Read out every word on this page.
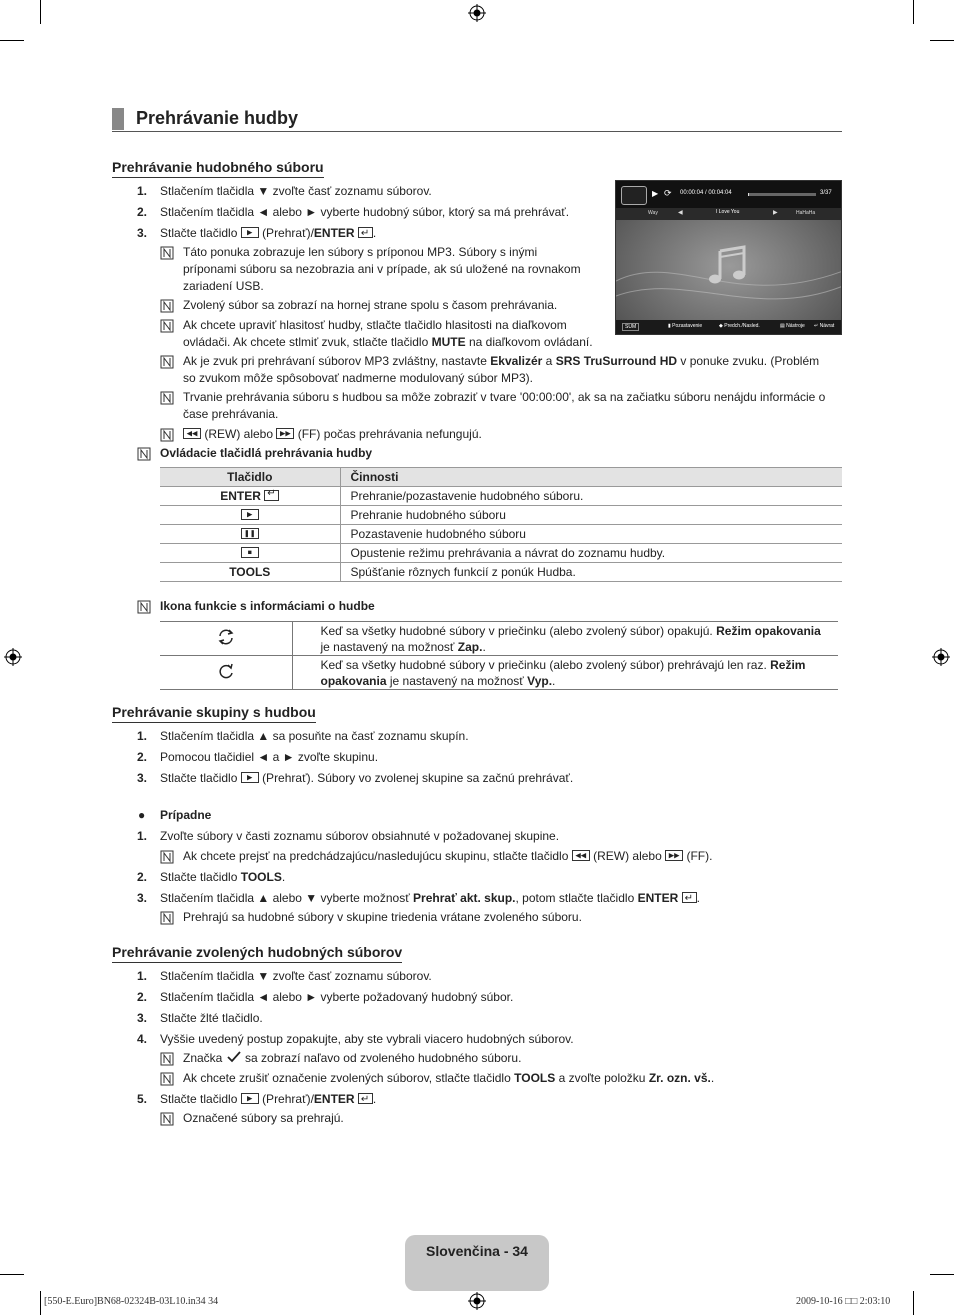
Prehrávanie hudby
Prehrávanie hudobného súboru
1. Stlačením tlačidla ▼ zvoľte časť zoznamu súborov.
2. Stlačením tlačidla ◄ alebo ► vyberte hudobný súbor, ktorý sa má prehrávať.
3. Stlačte tlačidlo ▶ (Prehrať)/ENTER ↵ .
Táto ponuka zobrazuje len súbory s príponou MP3. Súbory s inými
príponami súboru sa nezobrazia ani v prípade, ak sú uložené na rovnakom
zariadení USB.
Zvolený súbor sa zobrazí na hornej strane spolu s časom prehrávania.
Ak chcete upraviť hlasitosť hudby, stlačte tlačidlo hlasitosti na diaľkovom
ovládači. Ak chcete stlmiť zvuk, stlačte tlačidlo MUTE na diaľkovom ovládaní.
Ak je zvuk pri prehrávaní súborov MP3 zvláštny, nastavte Ekvalizér a SRS TruSurround HD v ponuke zvuku. (Problém
so zvukom môže spôsobovať nadmerne modulovaný súbor MP3).
Trvanie prehrávania súboru s hudbou sa môže zobraziť v tvare '00:00:00', ak sa na začiatku súboru nenájdu informácie o
čase prehrávania.
◀◀ (REW) alebo ▶▶ (FF) počas prehrávania nefungujú.
Ovládacie tlačidlá prehrávania hudby
Tlačidlo	Činnosti
ENTER ↵	Prehranie/pozastavenie hudobného súboru.

▶	Prehranie hudobného súboru

❚❚	Pozastavenie hudobného súboru

■	Opustenie režimu prehrávania a návrat do zoznamu hudby.
TOOLS	Spúšťanie rôznych funkcií z ponúk Hudba.
Ikona funkcie s informáciami o hudbe
	Keď sa všetky hudobné súbory v priečinku (alebo zvolený súbor) opakujú. Režim opakovania
je nastavený na možnosť Zap..
	Keď sa všetky hudobné súbory v priečinku (alebo zvolený súbor) prehrávajú len raz. Režim
opakovania je nastavený na možnosť Vyp..
▶ ⟳ 00:00:04 / 00:04:04	3/37
Way	◀	I Love You	▶	HaHaHa
SUM	▮ Pozastavenie	◆ Predch./Nasled.	▤ Nástroje ↵ Návrat
Prehrávanie skupiny s hudbou
1. Stlačením tlačidla ▲ sa posuňte na časť zoznamu skupín.
2. Pomocou tlačidiel ◄ a ► zvoľte skupinu.
3. Stlačte tlačidlo ▶ (Prehrať). Súbory vo zvolenej skupine sa začnú prehrávať.
● Prípadne
1. Zvoľte súbory v časti zoznamu súborov obsiahnuté v požadovanej skupine.
Ak chcete prejsť na predchádzajúcu/nasledujúcu skupinu, stlačte tlačidlo ◀◀ (REW) alebo ▶▶ (FF).
2. Stlačte tlačidlo TOOLS.
3. Stlačením tlačidla ▲ alebo ▼ vyberte možnosť Prehrať akt. skup., potom stlačte tlačidlo ENTER ↵ .
Prehrajú sa hudobné súbory v skupine triedenia vrátane zvoleného súboru.
Prehrávanie zvolených hudobných súborov
1. Stlačením tlačidla ▼ zvoľte časť zoznamu súborov.
2. Stlačením tlačidla ◄ alebo ► vyberte požadovaný hudobný súbor.
3. Stlačte žlté tlačidlo.
4. Vyššie uvedený postup zopakujte, aby ste vybrali viacero hudobných súborov.
Značka sa zobrazí naľavo od zvoleného hudobného súboru.
Ak chcete zrušiť označenie zvolených súborov, stlačte tlačidlo TOOLS a zvoľte položku Zr. ozn. vš..
5. Stlačte tlačidlo ▶ (Prehrať)/ENTER ↵ .
Označené súbory sa prehrajú.
Slovenčina - 34
[550-E.Euro]BN68-02324B-03L10.in34 34	2009-10-16 □□ 2:03:10
